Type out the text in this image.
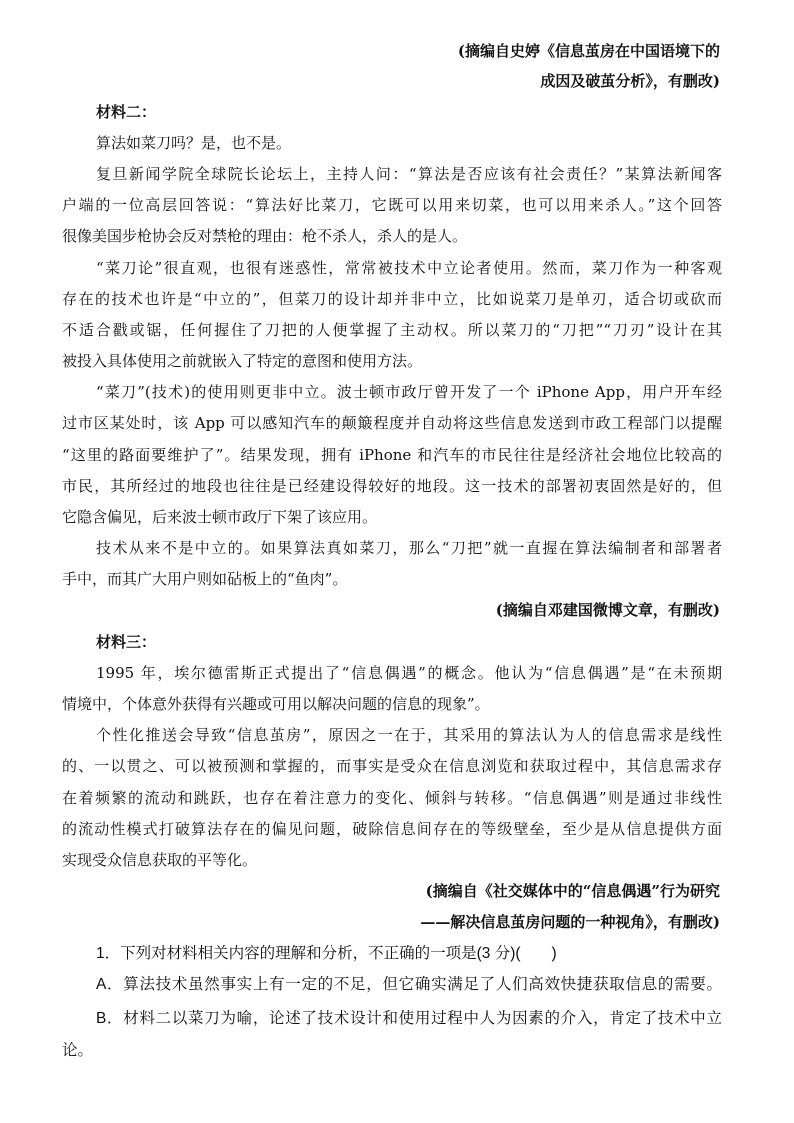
(摘编自史婷《信息茧房在中国语境下的
成因及破茧分析》，有删改)
材料二：
算法如菜刀吗？是，也不是。
复旦新闻学院全球院长论坛上，主持人问：“算法是否应该有社会责任？”某算法新闻客
户端的一位高层回答说：“算法好比菜刀，它既可以用来切菜，也可以用来杀人。”这个回答
很像美国步枪协会反对禁枪的理由：枪不杀人，杀人的是人。
“菜刀论”很直观，也很有迷惑性，常常被技术中立论者使用。然而，菜刀作为一种客观
存在的技术也许是“中立的”，但菜刀的设计却并非中立，比如说菜刀是单刃，适合切或砍而
不适合戳或锯，任何握住了刀把的人便掌握了主动权。所以菜刀的“刀把”“刀刃”设计在其
被投入具体使用之前就嵌入了特定的意图和使用方法。
“菜刀”(技术)的使用则更非中立。波士顿市政厅曾开发了一个 iPhone App，用户开车经
过市区某处时，该 App 可以感知汽车的颠簸程度并自动将这些信息发送到市政工程部门以提醒
“这里的路面要维护了”。结果发现，拥有 iPhone 和汽车的市民往往是经济社会地位比较高的
市民，其所经过的地段也往往是已经建设得较好的地段。这一技术的部署初衷固然是好的，但
它隐含偏见，后来波士顿市政厅下架了该应用。
技术从来不是中立的。如果算法真如菜刀，那么“刀把”就一直握在算法编制者和部署者
手中，而其广大用户则如砧板上的“鱼肉”。
(摘编自邓建国微博文章，有删改)
材料三：
1995 年，埃尔德雷斯正式提出了“信息偶遇”的概念。他认为“信息偶遇”是“在未预期
情境中，个体意外获得有兴趣或可用以解决问题的信息的现象”。
个性化推送会导致“信息茧房”，原因之一在于，其采用的算法认为人的信息需求是线性
的、一以贯之、可以被预测和掌握的，而事实是受众在信息浏览和获取过程中，其信息需求存
在着频繁的流动和跳跃，也存在着注意力的变化、倾斜与转移。“信息偶遇”则是通过非线性
的流动性模式打破算法存在的偏见问题，破除信息间存在的等级壁垒，至少是从信息提供方面
实现受众信息获取的平等化。
(摘编自《社交媒体中的“信息偶遇”行为研究
——解决信息茧房问题的一种视角》，有删改)
1．下列对材料相关内容的理解和分析，不正确的一项是(3 分)(　　)
A．算法技术虽然事实上有一定的不足，但它确实满足了人们高效快捷获取信息的需要。
B．材料二以菜刀为喻，论述了技术设计和使用过程中人为因素的介入，肯定了技术中立
论。
